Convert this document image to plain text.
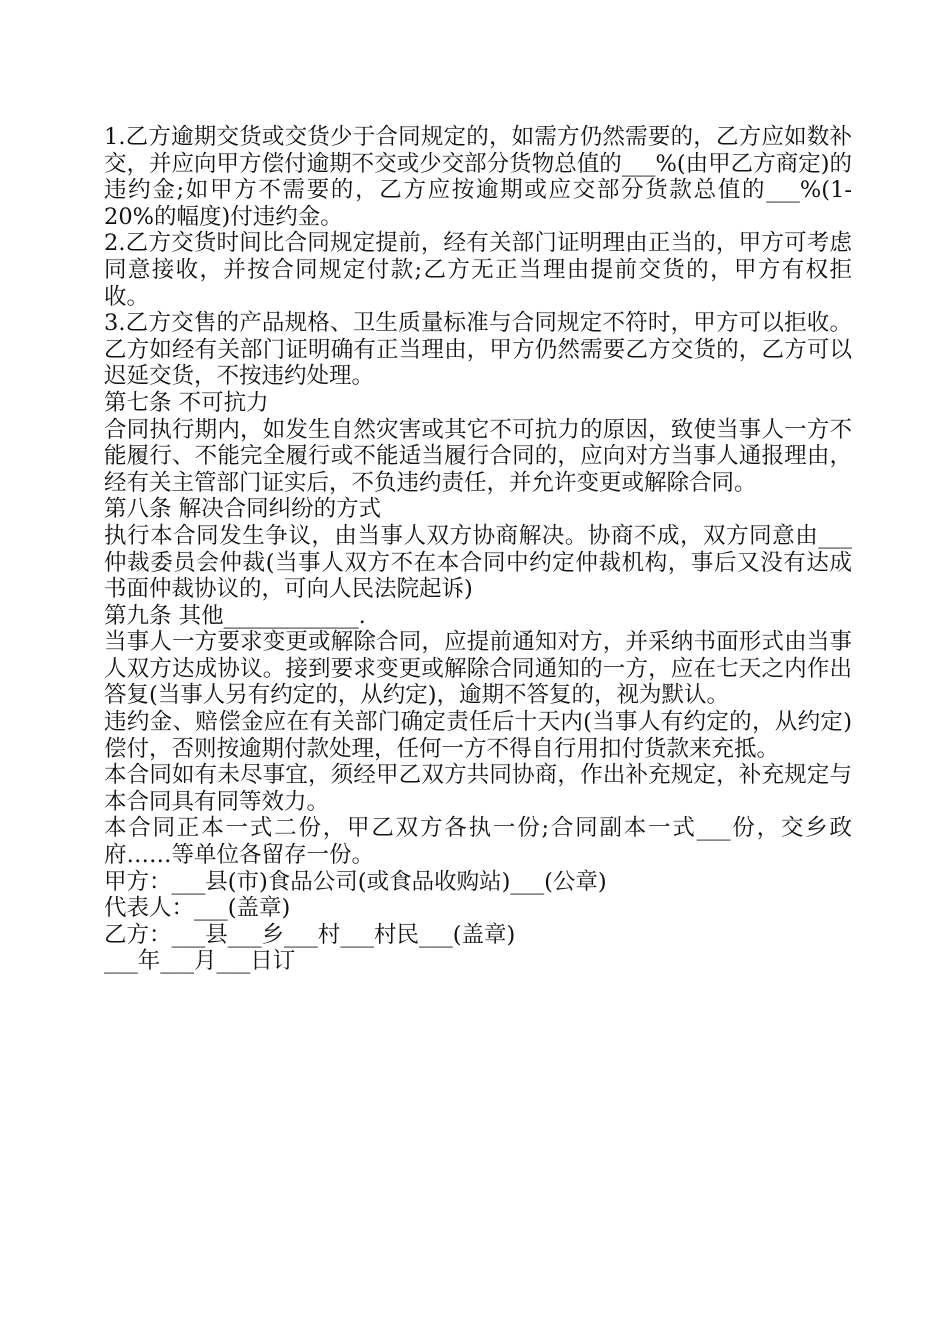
1.乙方逾期交货或交货少于合同规定的，如需方仍然需要的，乙方应如数补交，并应向甲方偿付逾期不交或少交部分货物总值的___%(由甲乙方商定)的违约金;如甲方不需要的，乙方应按逾期或应交部分货款总值的___%(1-20%的幅度)付违约金。

2.乙方交货时间比合同规定提前，经有关部门证明理由正当的，甲方可考虑同意接收，并按合同规定付款;乙方无正当理由提前交货的，甲方有权拒收。

3.乙方交售的产品规格、卫生质量标准与合同规定不符时，甲方可以拒收。乙方如经有关部门证明确有正当理由，甲方仍然需要乙方交货的，乙方可以迟延交货，不按违约处理。

第七条 不可抗力

合同执行期内，如发生自然灾害或其它不可抗力的原因，致使当事人一方不能履行、不能完全履行或不能适当履行合同的，应向对方当事人通报理由，经有关主管部门证实后，不负违约责任，并允许变更或解除合同。

第八条 解决合同纠纷的方式

执行本合同发生争议，由当事人双方协商解决。协商不成，双方同意由___仲裁委员会仲裁(当事人双方不在本合同中约定仲裁机构，事后又没有达成书面仲裁协议的，可向人民法院起诉)

第九条 其他____________.

当事人一方要求变更或解除合同，应提前通知对方，并采纳书面形式由当事人双方达成协议。接到要求变更或解除合同通知的一方，应在七天之内作出答复(当事人另有约定的，从约定)，逾期不答复的，视为默认。

违约金、赔偿金应在有关部门确定责任后十天内(当事人有约定的，从约定)偿付，否则按逾期付款处理，任何一方不得自行用扣付货款来充抵。

本合同如有未尽事宜，须经甲乙双方共同协商，作出补充规定，补充规定与本合同具有同等效力。

本合同正本一式二份，甲乙双方各执一份;合同副本一式___份，交乡政府……等单位各留存一份。

甲方：___县(市)食品公司(或食品收购站)___(公章)

代表人：___(盖章)

乙方：___县___乡___村___村民___(盖章)

___年___月___日订
